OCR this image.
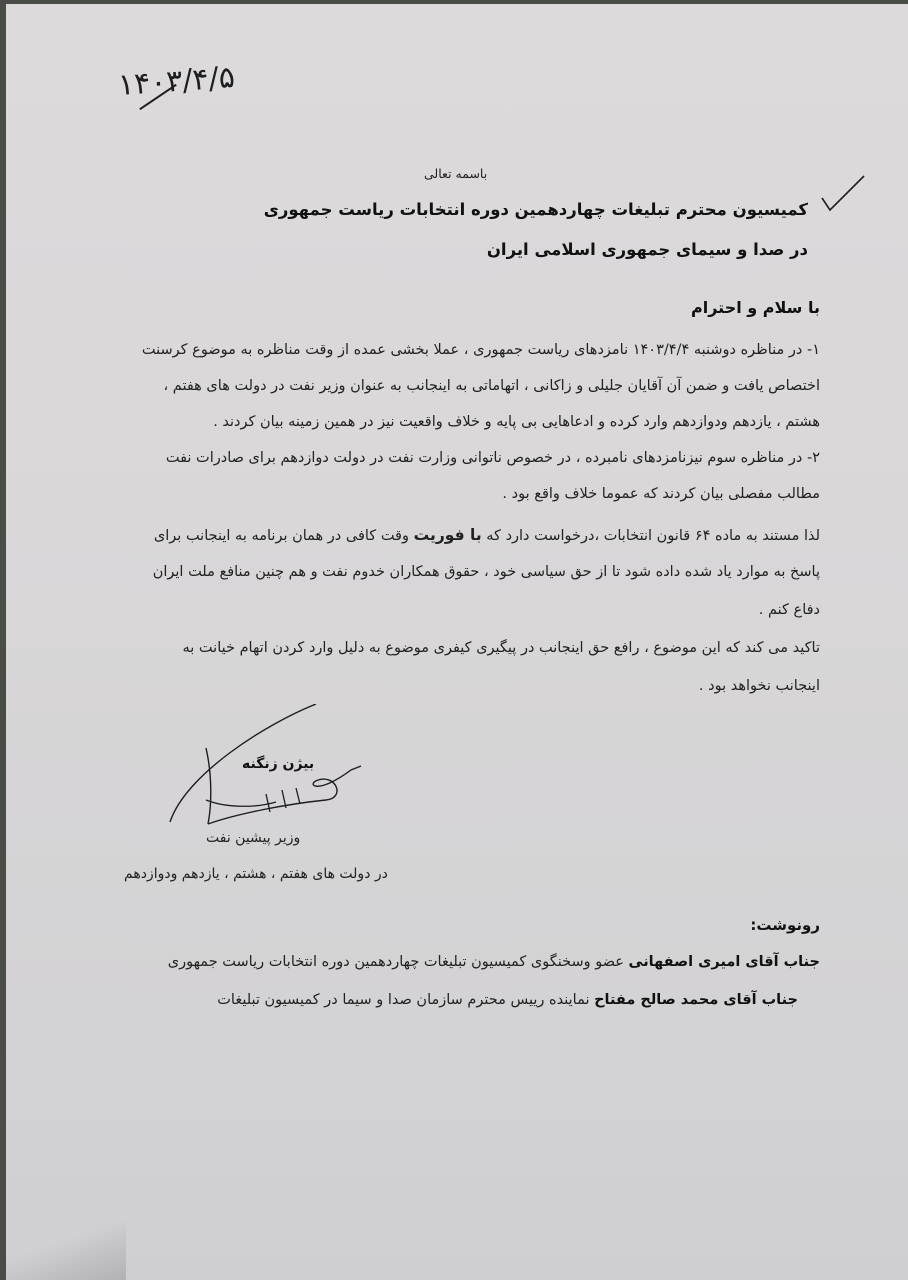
۱۴۰۳/۴/۵
باسمه تعالی
کمیسیون محترم تبلیغات چهاردهمین دوره انتخابات ریاست جمهوری
در صدا و سیمای جمهوری اسلامی ایران
با سلام و احترام
۱- در مناظره دوشنبه ۱۴۰۳/۴/۴ نامزدهای ریاست جمهوری ، عملا بخشی عمده از وقت مناظره به موضوع کرسنت
اختصاص یافت و ضمن آن آقایان جلیلی و زاکانی ، اتهاماتی به اینجانب به عنوان وزیر نفت در دولت های هفتم ،
هشتم ، یازدهم ودوازدهم وارد کرده و ادعاهایی بی پایه و خلاف واقعیت نیز در همین زمینه بیان کردند .
۲- در مناظره سوم نیزنامزدهای نامبرده ، در خصوص ناتوانی وزارت نفت در دولت دوازدهم برای صادرات نفت
مطالب مفصلی بیان کردند که عموما خلاف واقع بود .
لذا مستند به ماده ۶۴ قانون انتخابات ،درخواست دارد که با فوریت وقت کافی در همان برنامه به اینجانب برای
پاسخ به موارد یاد شده داده شود تا از حق سیاسی خود ، حقوق همکاران خدوم نفت و هم چنین منافع ملت ایران
دفاع کنم .
تاکید می کند که این موضوع ، رافع حق اینجانب در پیگیری کیفری موضوع به دلیل وارد کردن اتهام خیانت به
اینجانب نخواهد بود .
بیژن زنگنه
وزیر پیشین نفت
در دولت های هفتم ، هشتم ، یازدهم ودوازدهم
رونوشت:
جناب آقای امیری اصفهانی عضو وسخنگوی کمیسیون تبلیغات چهاردهمین دوره انتخابات ریاست جمهوری
جناب آقای محمد صالح مفتاح نماینده رییس محترم سازمان صدا و سیما در کمیسیون تبلیغات
